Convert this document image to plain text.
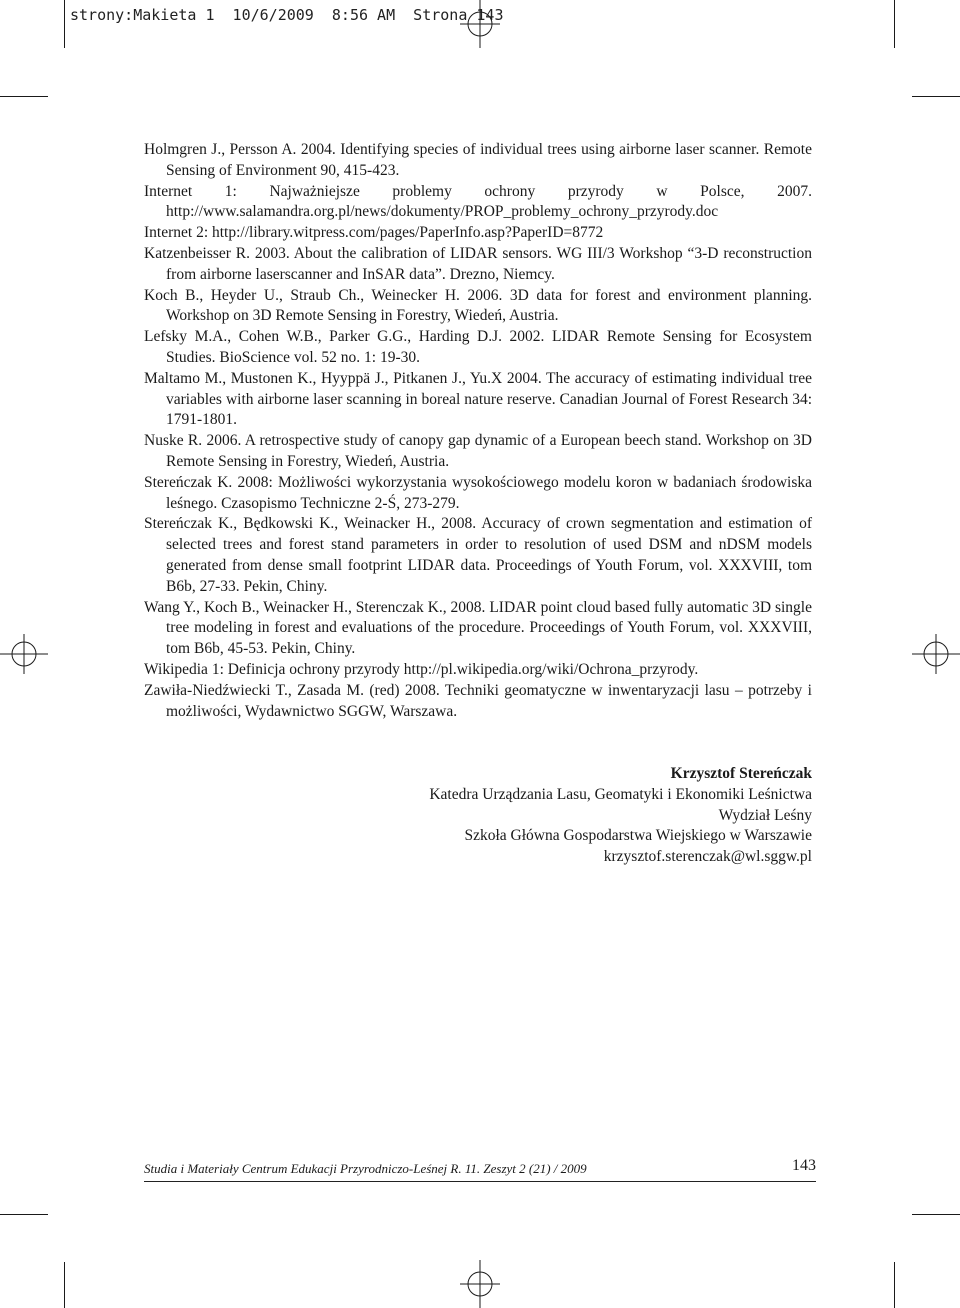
strony:Makieta 1  10/6/2009  8:56 AM  Strona 143

Holmgren J., Persson A. 2004. Identifying species of individual trees using airborne laser scanner. Remote Sensing of Environment 90, 415-423.

Internet 1: Najważniejsze problemy ochrony przyrody w Polsce, 2007. http://www.salamandra.org.pl/news/dokumenty/PROP_problemy_ochrony_przyrody.doc

Internet 2: http://library.witpress.com/pages/PaperInfo.asp?PaperID=8772

Katzenbeisser R. 2003. About the calibration of LIDAR sensors. WG III/3 Workshop “3-D reconstruction from airborne laserscanner and InSAR data”. Drezno, Niemcy.

Koch B., Heyder U., Straub Ch., Weinecker H. 2006. 3D data for forest and environment planning. Workshop on 3D Remote Sensing in Forestry, Wiedeń, Austria.

Lefsky M.A., Cohen W.B., Parker G.G., Harding D.J. 2002. LIDAR Remote Sensing for Ecosystem Studies. BioScience vol. 52 no. 1: 19-30.

Maltamo M., Mustonen K., Hyyppä J., Pitkanen J., Yu.X 2004. The accuracy of estimating individual tree variables with airborne laser scanning in boreal nature reserve. Canadian Journal of Forest Research 34: 1791-1801.

Nuske R. 2006. A retrospective study of canopy gap dynamic of a European beech stand. Workshop on 3D Remote Sensing in Forestry, Wiedeń, Austria.

Stereńczak K. 2008: Możliwości wykorzystania wysokościowego modelu koron w badaniach środowiska leśnego. Czasopismo Techniczne 2-Ś, 273-279.

Stereńczak K., Będkowski K., Weinacker H., 2008. Accuracy of crown segmentation and estimation of selected trees and forest stand parameters in order to resolution of used DSM and nDSM models generated from dense small footprint LIDAR data. Proceedings of Youth Forum, vol. XXXVIII, tom B6b, 27-33. Pekin, Chiny.

Wang Y., Koch B., Weinacker H., Sterenczak K., 2008. LIDAR point cloud based fully automatic 3D single tree modeling in forest and evaluations of the procedure. Proceedings of Youth Forum, vol. XXXVIII, tom B6b, 45-53. Pekin, Chiny.

Wikipedia 1: Definicja ochrony przyrody http://pl.wikipedia.org/wiki/Ochrona_przyrody.

Zawiła-Niedźwiecki T., Zasada M. (red) 2008. Techniki geomatyczne w inwentaryzacji lasu – potrzeby i możliwości, Wydawnictwo SGGW, Warszawa.

Krzysztof Stereńczak
Katedra Urządzania Lasu, Geomatyki i Ekonomiki Leśnictwa
Wydział Leśny
Szkoła Główna Gospodarstwa Wiejskiego w Warszawie
krzysztof.sterenczak@wl.sggw.pl
Studia i Materiały Centrum Edukacji Przyrodniczo-Leśnej R. 11. Zeszyt 2 (21) / 2009	143
